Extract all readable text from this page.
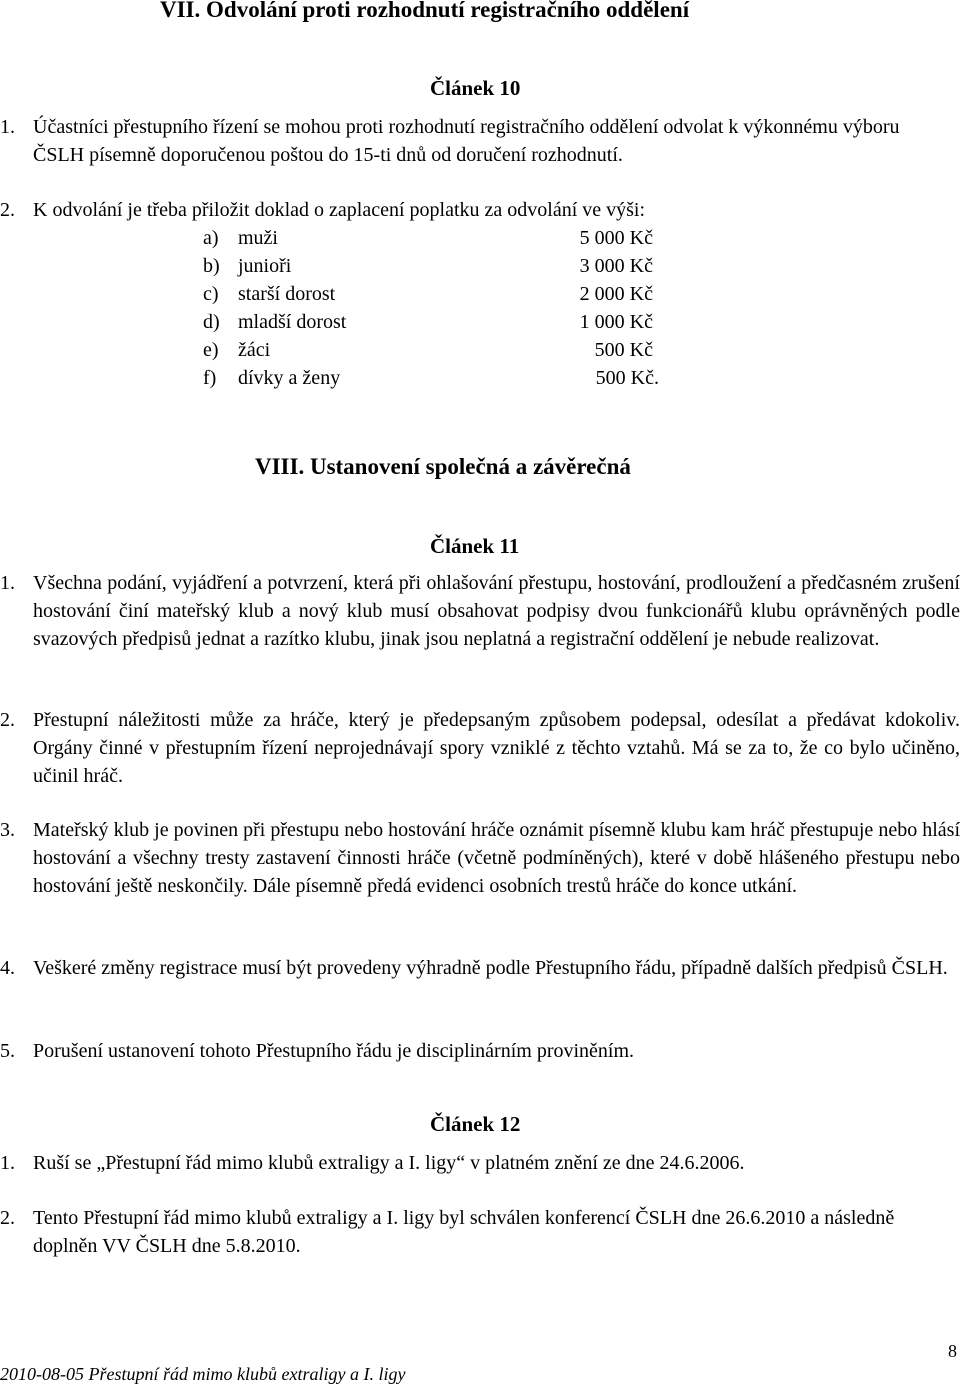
VII. Odvolání proti rozhodnutí registračního oddělení
Článek 10
1. Účastníci přestupního řízení se mohou proti rozhodnutí registračního oddělení odvolat k výkonnému výboru ČSLH písemně doporučenou poštou do 15-ti dnů od doručení rozhodnutí.
2. K odvolání je třeba přiložit doklad o zaplacení poplatku za odvolání ve výši:
a) muži	5 000 Kč
b) junioři	3 000 Kč
c) starší dorost	2 000 Kč
d) mladší dorost	1 000 Kč
e) žáci	500 Kč
f) dívky a ženy	500 Kč.
VIII. Ustanovení společná a závěrečná
Článek 11
1. Všechna podání, vyjádření a potvrzení, která při ohlašování přestupu, hostování, prodloužení a předčasném zrušení hostování činí mateřský klub a nový klub musí obsahovat podpisy dvou funkcionářů klubu oprávněných podle svazových předpisů jednat a razítko klubu, jinak jsou neplatná a registrační oddělení je nebude realizovat.
2. Přestupní náležitosti může za hráče, který je předepsaným způsobem podepsal, odesílat a předávat kdokoliv. Orgány činné v přestupním řízení neprojednávají spory vzniklé z těchto vztahů. Má se za to, že co bylo učiněno, učinil hráč.
3. Mateřský klub je povinen při přestupu nebo hostování hráče oznámit písemně klubu kam hráč přestupuje nebo hlásí hostování a všechny tresty zastavení činnosti hráče (včetně podmíněných), které v době hlášeného přestupu nebo hostování ještě neskončily. Dále písemně předá evidenci osobních trestů hráče do konce utkání.
4. Veškeré změny registrace musí být provedeny výhradně podle Přestupního řádu, případně dalších předpisů ČSLH.
5. Porušení ustanovení tohoto Přestupního řádu je disciplinárním proviněním.
Článek 12
1. Ruší se „Přestupní řád mimo klubů extraligy a I. ligy“ v platném znění ze dne 24.6.2006.
2. Tento Přestupní řád mimo klubů extraligy a I. ligy byl schválen konferencí ČSLH dne 26.6.2010 a následně doplněn VV ČSLH dne 5.8.2010.
8
2010-08-05 Přestupní řád mimo klubů extraligy a I. ligy
